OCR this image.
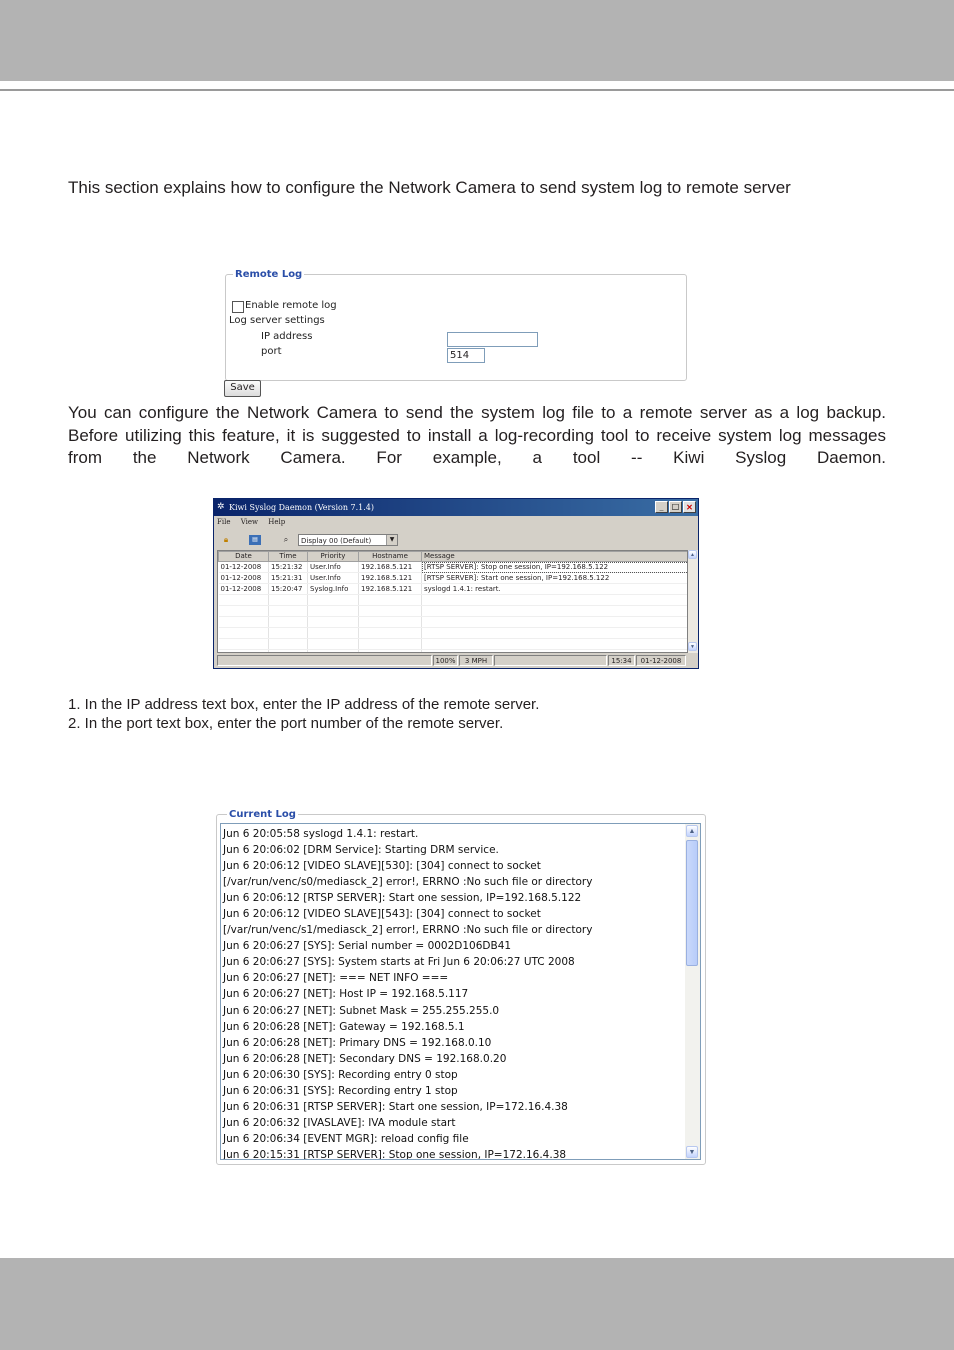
This section explains how to configure the Network Camera to send system log to remote server
Remote Log
Enable remote log
Log server settings
IP address
port	514
Save
You can configure the Network Camera to send the system log file to a remote server as a log backup. Before utilizing this feature, it is suggested to install a log-recording tool to receive system log messages from the Network Camera. For example, a tool -- Kiwi Syslog Daemon.
✲ Kiwi Syslog Daemon (Version 7.1.4)	_	□ ✕
File View Help
🔒︎	▤	⌕	Display 00 (Default)	▼
Date	Time	Priority	Hostname	Message
01-12-2008	15:21:32	User.Info	192.168.5.121	[RTSP SERVER]: Stop one session, IP=192.168.5.122
01-12-2008	15:21:31	User.Info	192.168.5.121	[RTSP SERVER]: Start one session, IP=192.168.5.122
01-12-2008	15:20:47	Syslog.Info	192.168.5.121	syslogd 1.4.1: restart.

▲
▼
100%	3 MPH	15:34	01-12-2008
1. In the IP address text box, enter the IP address of the remote server.
2. In the port text box, enter the port number of the remote server.
Current Log
Jun 6 20:05:58 syslogd 1.4.1: restart.
Jun 6 20:06:02 [DRM Service]: Starting DRM service.
Jun 6 20:06:12 [VIDEO SLAVE][530]: [304] connect to socket
[/var/run/venc/s0/mediasck_2] error!, ERRNO :No such file or directory
Jun 6 20:06:12 [RTSP SERVER]: Start one session, IP=192.168.5.122
Jun 6 20:06:12 [VIDEO SLAVE][543]: [304] connect to socket
[/var/run/venc/s1/mediasck_2] error!, ERRNO :No such file or directory
Jun 6 20:06:27 [SYS]: Serial number = 0002D106DB41
Jun 6 20:06:27 [SYS]: System starts at Fri Jun 6 20:06:27 UTC 2008
Jun 6 20:06:27 [NET]: === NET INFO ===
Jun 6 20:06:27 [NET]: Host IP = 192.168.5.117
Jun 6 20:06:27 [NET]: Subnet Mask = 255.255.255.0
Jun 6 20:06:28 [NET]: Gateway = 192.168.5.1
Jun 6 20:06:28 [NET]: Primary DNS = 192.168.0.10
Jun 6 20:06:28 [NET]: Secondary DNS = 192.168.0.20
Jun 6 20:06:30 [SYS]: Recording entry 0 stop
Jun 6 20:06:31 [SYS]: Recording entry 1 stop
Jun 6 20:06:31 [RTSP SERVER]: Start one session, IP=172.16.4.38
Jun 6 20:06:32 [IVASLAVE]: IVA module start
Jun 6 20:06:34 [EVENT MGR]: reload config file
Jun 6 20:15:31 [RTSP SERVER]: Stop one session, IP=172.16.4.38
▲
▼
